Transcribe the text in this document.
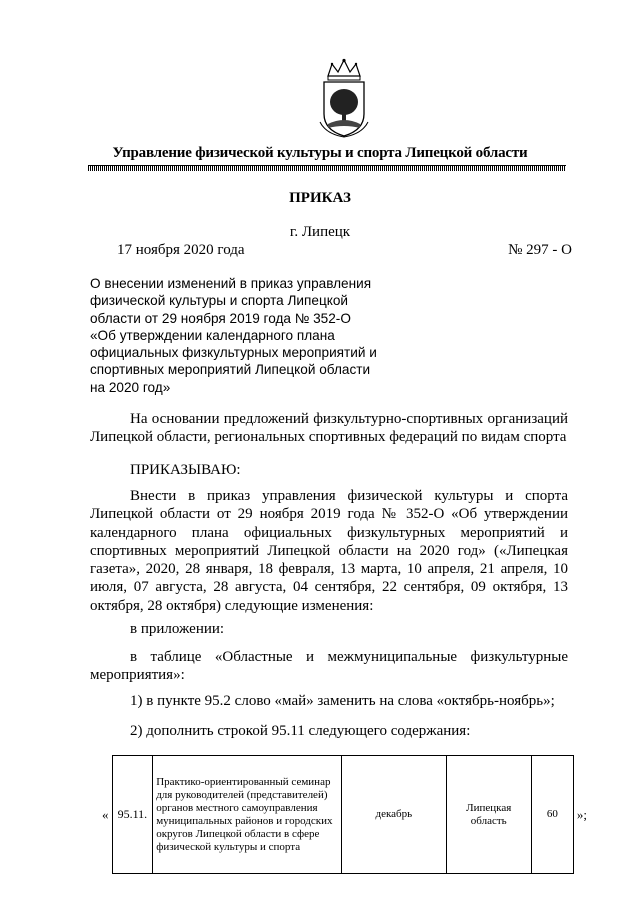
Управление физической культуры и спорта Липецкой области
ПРИКАЗ
г. Липецк
17 ноября 2020 года	№ 297 - О
О внесении изменений в приказ управления
физической культуры и спорта Липецкой
области от 29 ноября 2019 года № 352-О
«Об утверждении календарного плана
официальных физкультурных мероприятий и
спортивных мероприятий Липецкой области
на 2020 год»
На основании предложений физкультурно-спортивных организаций Липецкой области, региональных спортивных федераций по видам спорта
ПРИКАЗЫВАЮ:
Внести в приказ управления физической культуры и спорта Липецкой области от 29 ноября 2019 года № 352-О «Об утверждении календарного плана официальных физкультурных мероприятий и спортивных мероприятий Липецкой области на 2020 год» («Липецкая газета», 2020, 28 января, 18 февраля, 13 марта, 10 апреля, 21 апреля, 10 июля, 07 августа, 28 августа, 04 сентября, 22 сентября, 09 октября, 13 октября, 28 октября) следующие изменения:
в приложении:
в таблице «Областные и межмуниципальные физкультурные мероприятия»:
1) в пункте 95.2 слово «май» заменить на слова «октябрь-ноябрь»;
2) дополнить строкой 95.11 следующего содержания:
«	95.11.	Практико-ориентированный семинар для руководителей (представителей) органов местного самоуправления муниципальных районов и городских округов Липецкой области в сфере физической культуры и спорта	декабрь	Липецкая область	60	»;
